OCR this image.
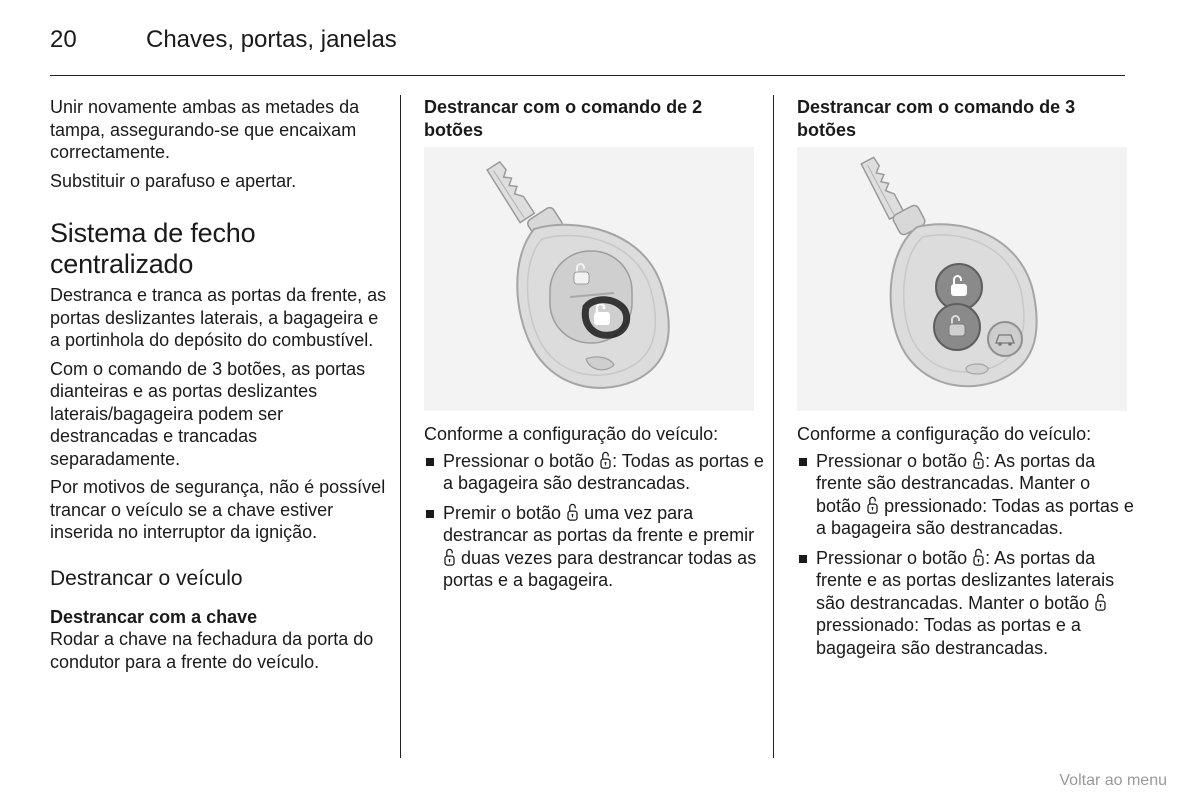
20	Chaves, portas, janelas

Unir novamente ambas as metades da tampa, assegurando-se que encaixam correctamente.

Substituir o parafuso e apertar.

Sistema de fecho centralizado

Destranca e tranca as portas da frente, as portas deslizantes laterais, a bagageira e a portinhola do depósito do combustível.

Com o comando de 3 botões, as portas dianteiras e as portas deslizantes laterais/bagageira podem ser destrancadas e trancadas separadamente.

Por motivos de segurança, não é possível trancar o veículo se a chave estiver inserida no interruptor da ignição.

Destrancar o veículo
Destrancar com a chave

Rodar a chave na fechadura da porta do condutor para a frente do veículo.

Destrancar com o comando de 2 botões

Conforme a configuração do veículo:

Pressionar o botão : Todas as portas e a bagageira são destrancadas.
Premir o botão uma vez para destrancar as portas da frente e premir  duas vezes para destrancar todas as portas e a bagageira.
Destrancar com o comando de 3 botões

Conforme a configuração do veículo:

Pressionar o botão : As portas da frente são destrancadas. Manter o botão pressionado: Todas as portas e a bagageira são destrancadas.
Pressionar o botão : As portas da frente e as portas deslizantes laterais são destrancadas. Manter o botão  pressionado: Todas as portas e a bagageira são destrancadas.
Voltar ao menu
